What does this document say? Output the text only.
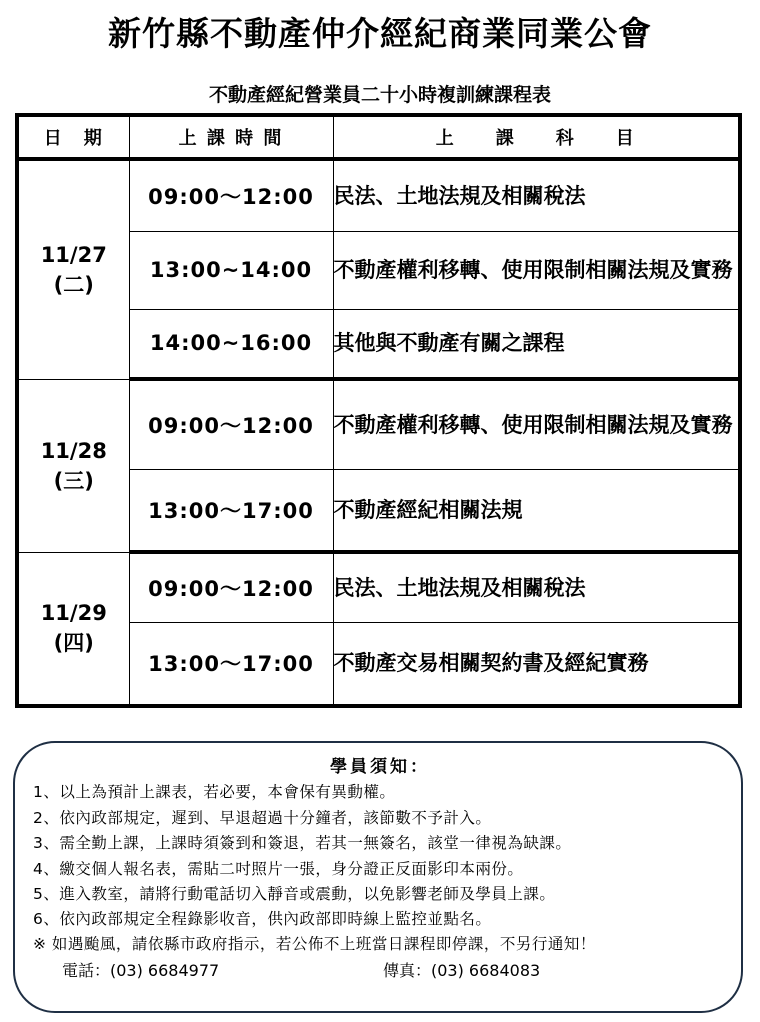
新竹縣不動產仲介經紀商業同業公會
不動產經紀營業員二十小時複訓練課程表
日　期	上 課 時 間	上　　課　　科　　目

11/27
(二)	09:00～12:00	民法、土地法規及相關稅法
	13:00~14:00	不動產權利移轉、使用限制相關法規及實務
	14:00~16:00	其他與不動產有關之課程

11/28
(三)	09:00～12:00	不動產權利移轉、使用限制相關法規及實務
	13:00～17:00	不動產經紀相關法規

11/29
(四)	09:00～12:00	民法、土地法規及相關稅法
	13:00～17:00	不動產交易相關契約書及經紀實務
學員須知：
1、以上為預計上課表，若必要，本會保有異動權。
2、依內政部規定，遲到、早退超過十分鐘者，該節數不予計入。
3、需全勤上課，上課時須簽到和簽退，若其一無簽名，該堂一律視為缺課。
4、繳交個人報名表，需貼二吋照片一張，身分證正反面影印本兩份。
5、進入教室，請將行動電話切入靜音或震動，以免影響老師及學員上課。
6、依內政部規定全程錄影收音，供內政部即時線上監控並點名。
※ 如遇颱風，請依縣市政府指示，若公佈不上班當日課程即停課，不另行通知！
電話：(03) 6684977	傳真：(03) 6684083
